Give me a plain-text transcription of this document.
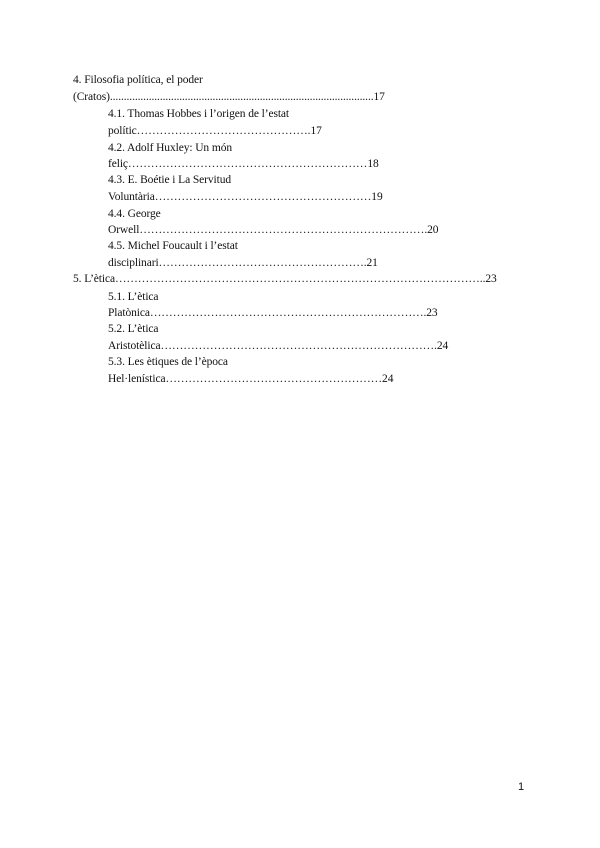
4. Filosofia política, el poder
(Cratos)...............................................................................................17
4.1. Thomas Hobbes i l’origen de l’estat
polític……………………………………….17
4.2. Adolf Huxley: Un món
feliç………………………………………………………18
4.3. E. Boétie i La Servitud
Voluntària…………………………………………………19
4.4. George
Orwell………………………………………………………………….20
4.5. Michel Foucault i l’estat
disciplinari……………………………………………….21
5. L’ètica……………………………………………………………………………………..23
5.1. L’ètica
Platònica……………………………………………………………….23
5.2. L’ètica
Aristotèlica……………………………………………………………….24
5.3. Les ètiques de l’època
Hel·lenística…………………………………………………24
1
